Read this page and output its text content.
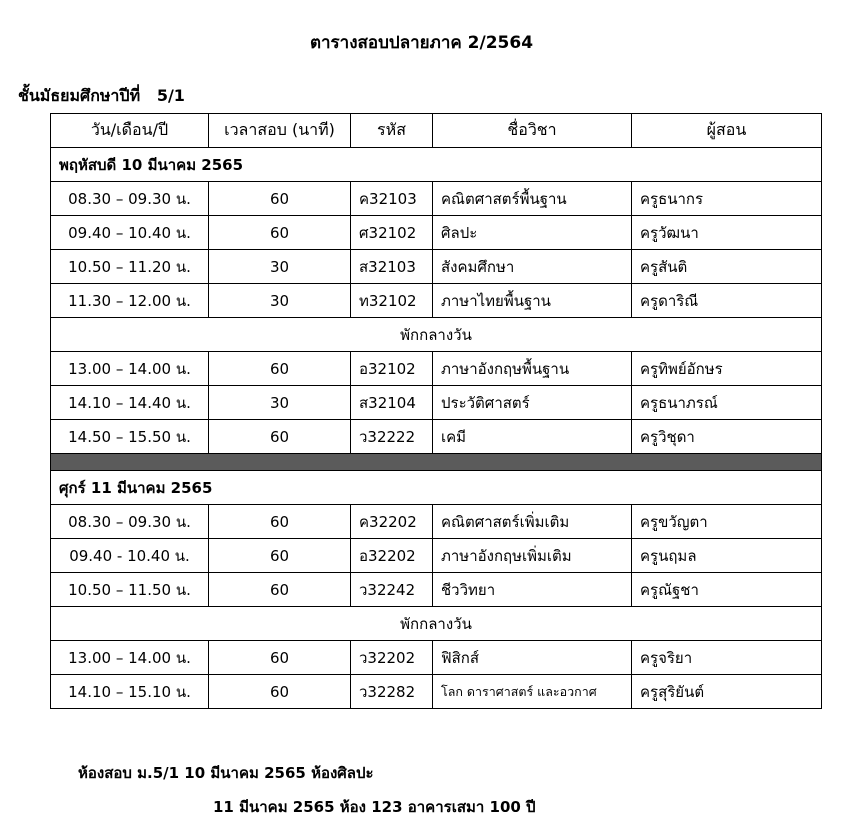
ตารางสอบปลายภาค 2/2564
ชั้นมัธยมศึกษาปีที่ 5/1
วัน/เดือน/ปี	เวลาสอบ (นาที)	รหัส	ชื่อวิชา	ผู้สอน
พฤหัสบดี 10 มีนาคม 2565				
08.30 – 09.30 น.	60	ค32103	คณิตศาสตร์พื้นฐาน	ครูธนากร
09.40 – 10.40 น.	60	ศ32102	ศิลปะ	ครูวัฒนา
10.50 – 11.20 น.	30	ส32103	สังคมศึกษา	ครูสันติ
11.30 – 12.00 น.	30	ท32102	ภาษาไทยพื้นฐาน	ครูดาริณี
พักกลางวัน				
13.00 – 14.00 น.	60	อ32102	ภาษาอังกฤษพื้นฐาน	ครูทิพย์อักษร
14.10 – 14.40 น.	30	ส32104	ประวัติศาสตร์	ครูธนาภรณ์
14.50 – 15.50 น.	60	ว32222	เคมี	ครูวิชุดา

ศุกร์ 11 มีนาคม 2565				
08.30 – 09.30 น.	60	ค32202	คณิตศาสตร์เพิ่มเติม	ครูขวัญตา
09.40 - 10.40 น.	60	อ32202	ภาษาอังกฤษเพิ่มเติม	ครูนฤมล
10.50 – 11.50 น.	60	ว32242	ชีววิทยา	ครูณัฐชา
พักกลางวัน				
13.00 – 14.00 น.	60	ว32202	ฟิสิกส์	ครูจริยา
14.10 – 15.10 น.	60	ว32282	โลก ดาราศาสตร์ และอวกาศ	ครูสุริยันต์
ห้องสอบ ม.5/1 10 มีนาคม 2565 ห้องศิลปะ
11 มีนาคม 2565 ห้อง 123 อาคารเสมา 100 ปี
